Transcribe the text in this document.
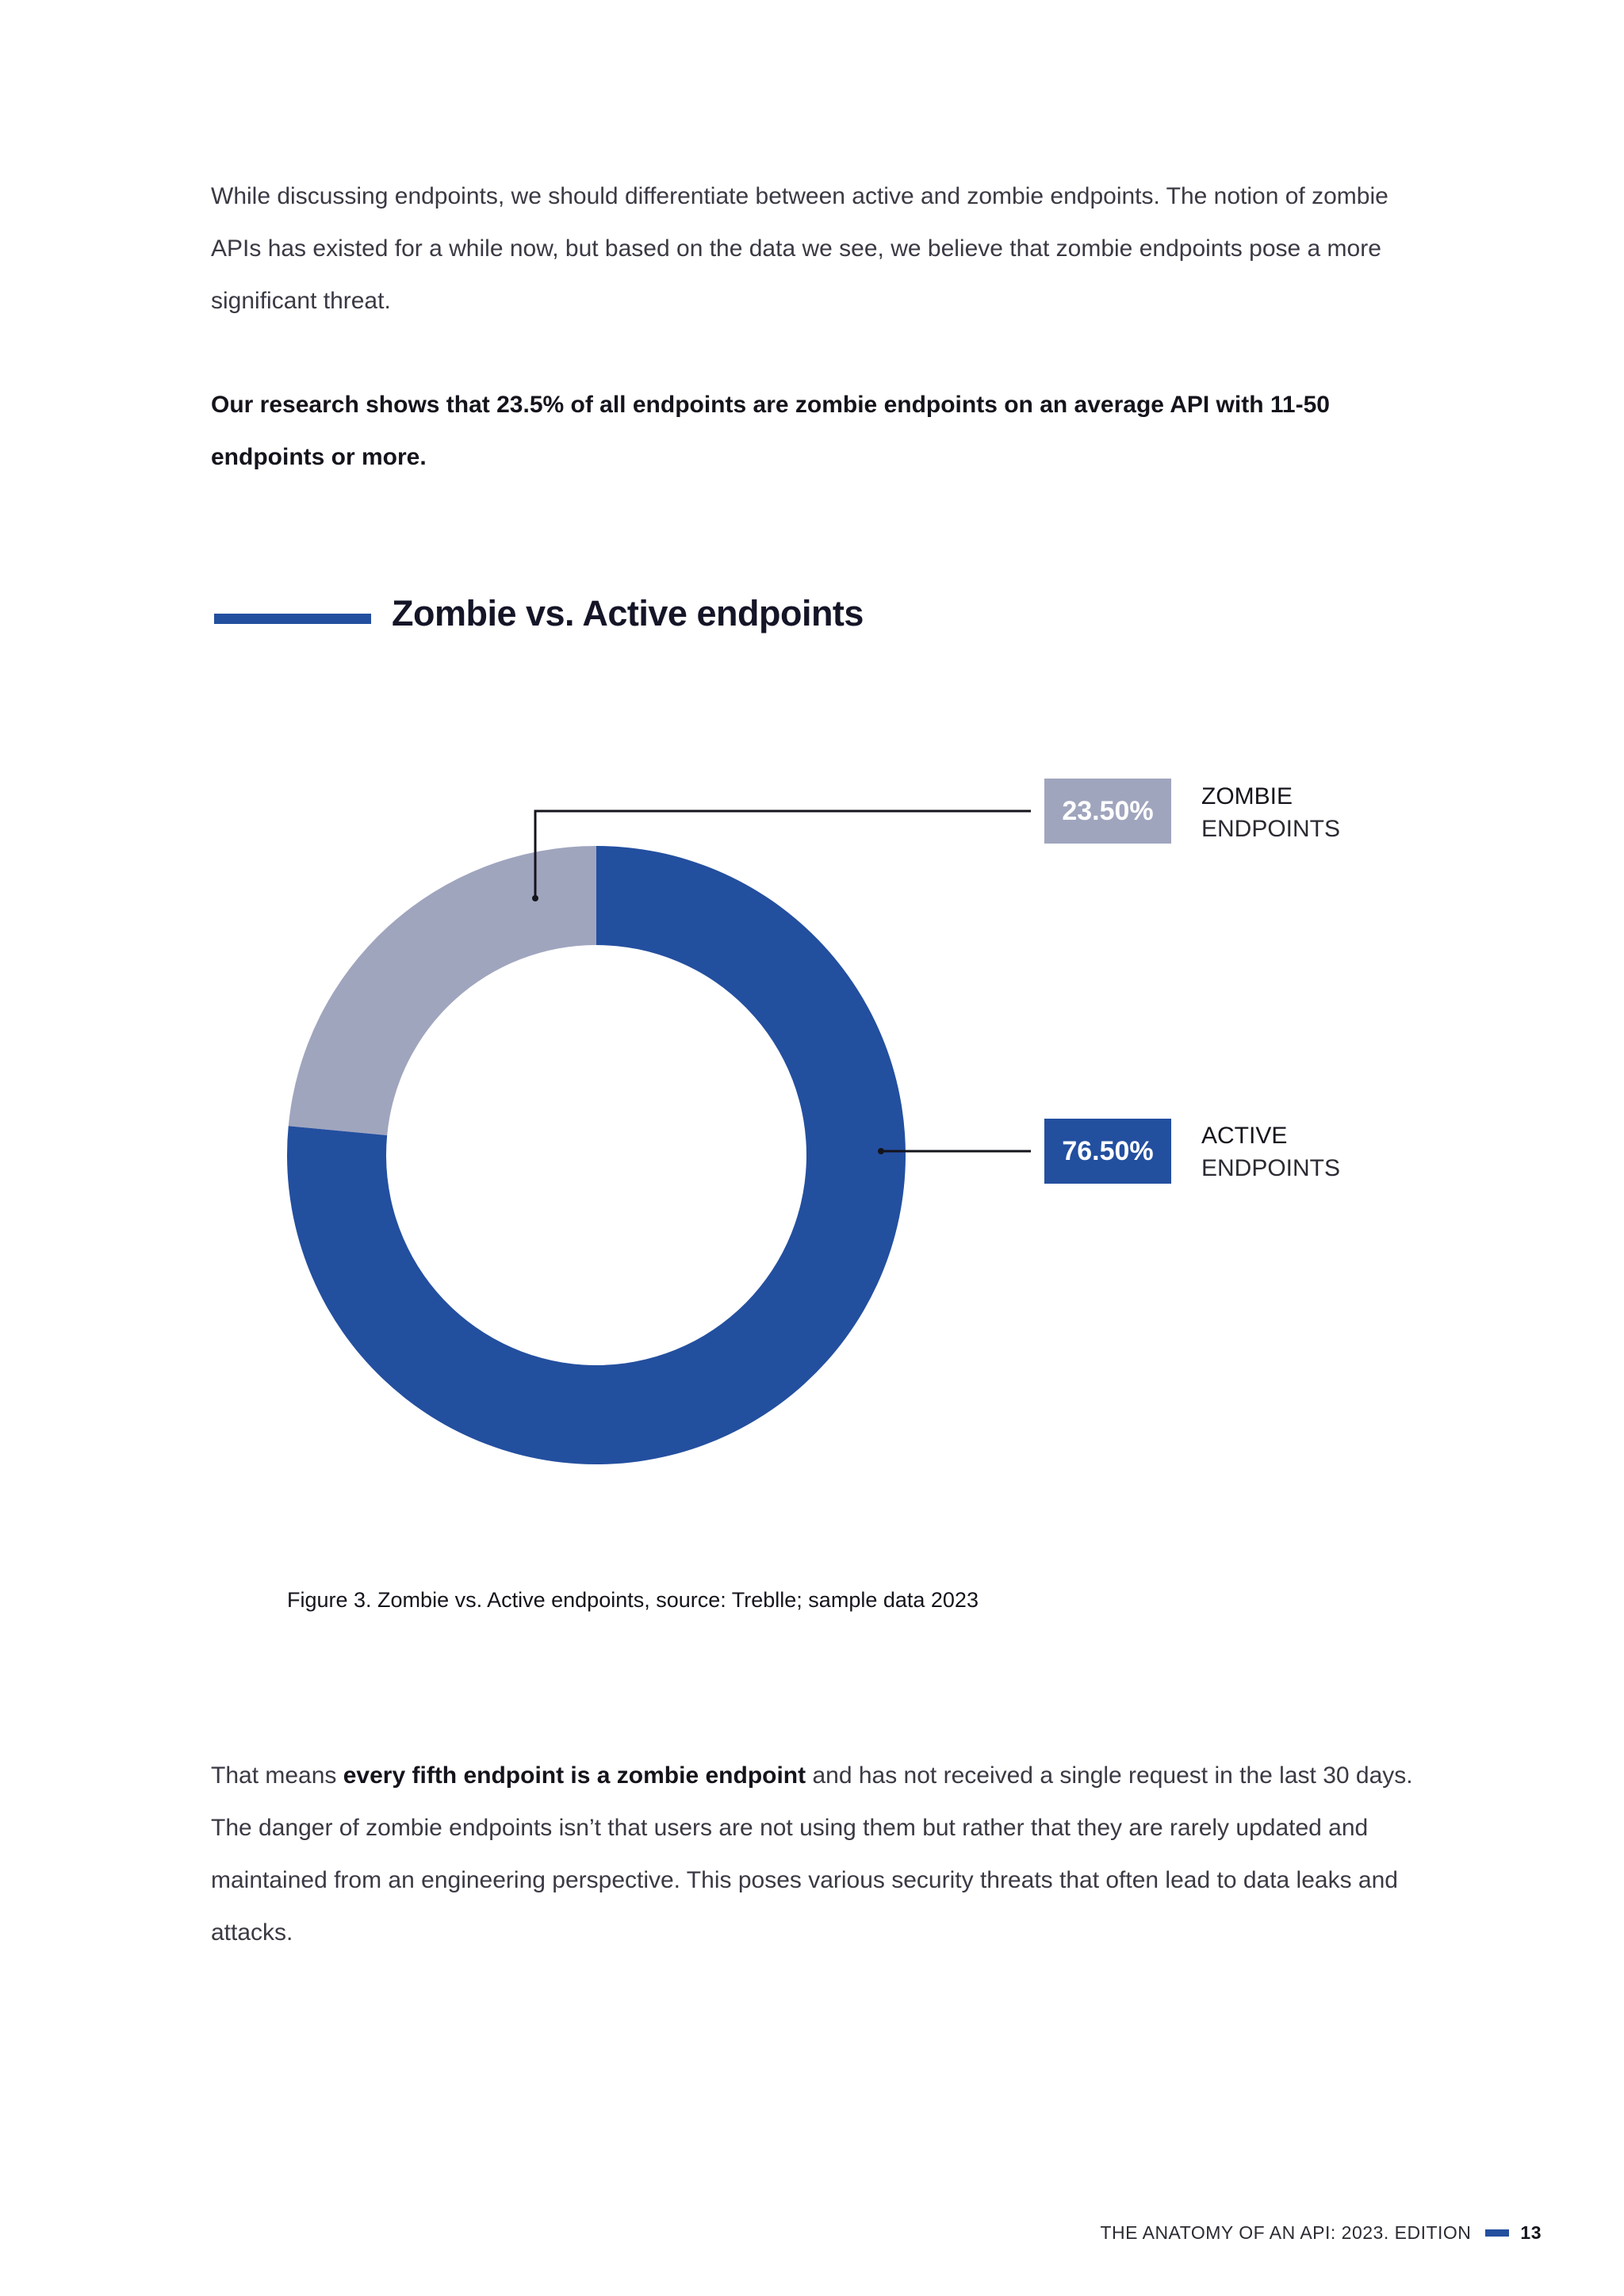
While discussing endpoints, we should differentiate between active and zombie endpoints. The notion of zombie APIs has existed for a while now, but based on the data we see, we believe that zombie endpoints pose a more significant threat.

Our research shows that 23.5% of all endpoints are zombie endpoints on an average API with 11-50 endpoints or more.

Zombie vs. Active endpoints
23.50%	ZOMBIE
ENDPOINTS
76.50%	ACTIVE
ENDPOINTS

Figure 3. Zombie vs. Active endpoints, source: Treblle; sample data 2023

That means every fifth endpoint is a zombie endpoint and has not received a single request in the last 30 days. The danger of zombie endpoints isn’t that users are not using them but rather that they are rarely updated and maintained from an engineering perspective. This poses various security threats that often lead to data leaks and attacks.

THE ANATOMY OF AN API: 2023. EDITION	13
